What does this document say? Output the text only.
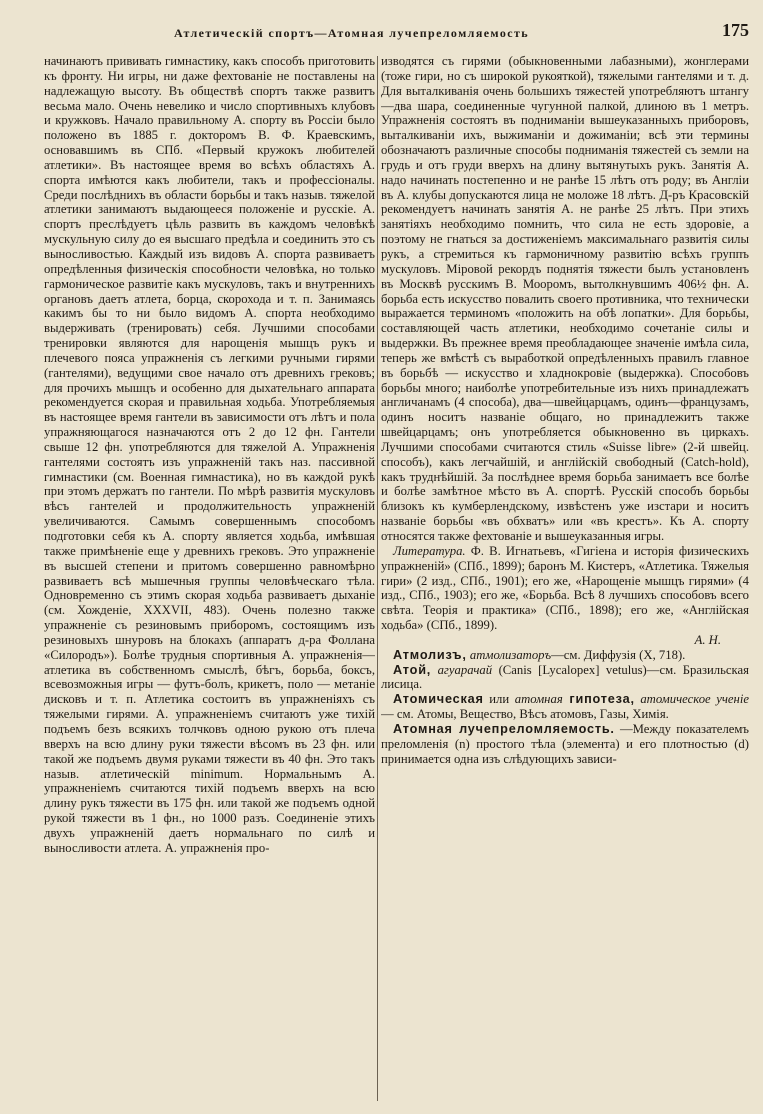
Атлетическій спортъ—Атомная лучепреломляемость	175

начинаютъ прививать гимнастику, какъ способъ приготовить къ фронту. Ни игры, ни даже фехтованіе не поставлены на надлежащую высоту. Въ обществѣ спортъ также развитъ весьма мало. Очень невелико и число спортивныхъ клубовъ и кружковъ. Начало правильному А. спорту въ Россіи было положено въ 1885 г. докторомъ В. Ф. Краевскимъ, основавшимъ въ СПб. «Первый кружокъ любителей атлетики». Въ настоящее время во всѣхъ областяхъ А. спорта имѣются какъ любители, такъ и профессіоналы. Среди послѣднихъ въ области борьбы и такъ назыв. тяжелой атлетики занимаютъ выдающееся положеніе и русскіе. А. спортъ преслѣдуетъ цѣль развить въ каждомъ человѣкѣ мускульную силу до ея высшаго предѣла и соединить это съ выносливостью. Каждый изъ видовъ А. спорта развиваетъ опредѣленныя физическія способности человѣка, но только гармоническое развитіе какъ мускуловъ, такъ и внутреннихъ органовъ даетъ атлета, борца, скорохода и т. п. Занимаясь какимъ бы то ни было видомъ А. спорта необходимо выдерживать (тренировать) себя. Лучшими способами тренировки являются для нарощенія мышцъ рукъ и плечевого пояса упражненія съ легкими ручными гирями (гантелями), ведущими свое начало отъ древнихъ грековъ; для прочихъ мышцъ и особенно для дыхательнаго аппарата рекомендуется скорая и правильная ходьба. Употребляемыя въ настоящее время гантели въ зависимости отъ лѣтъ и пола упражняющагося назначаются отъ 2 до 12 фн. Гантели свыше 12 фн. употребляются для тяжелой А. Упражненія гантелями состоятъ изъ упражненій такъ наз. пассивной гимнастики (см. Военная гимнастика), но въ каждой рукѣ при этомъ держатъ по гантели. По мѣрѣ развитія мускуловъ вѣсъ гантелей и продолжительность упражненій увеличиваются. Самымъ совершеннымъ способомъ подготовки себя къ А. спорту является ходьба, имѣвшая также примѣненіе еще у древнихъ грековъ. Это упражненіе въ высшей степени и притомъ совершенно равномѣрно развиваетъ всѣ мышечныя группы человѣческаго тѣла. Одновременно съ этимъ скорая ходьба развиваетъ дыханіе (см. Хожденіе, XXXVII, 483). Очень полезно также упражненіе съ резиновымъ приборомъ, состоящимъ изъ резиновыхъ шнуровъ на блокахъ (аппаратъ д-ра Фоллана «Силородъ»). Болѣе трудныя спортивныя А. упражненія—атлетика въ собственномъ смыслѣ, бѣгъ, борьба, боксъ, всевозможныя игры — футъ-болъ, крикетъ, поло — метаніе дисковъ и т. п. Атлетика состоитъ въ упражненіяхъ съ тяжелыми гирями. А. упражненіемъ считаютъ уже тихій подъемъ безъ всякихъ толчковъ одною рукою отъ плеча вверхъ на всю длину руки тяжести вѣсомъ въ 23 фн. или такой же подъемъ двумя руками тяжести въ 40 фн. Это такъ назыв. атлетическій minimum. Нормальнымъ А. упражненіемъ считаются тихій подъемъ вверхъ на всю длину рукъ тяжести въ 175 фн. или такой же подъемъ одной рукой тяжести въ 1 фн., но 1000 разъ. Соединеніе этихъ двухъ упражненій даетъ нормальнаго по силѣ и выносливости атлета. А. упражненія про-

изводятся съ гирями (обыкновенными лабазными), жонглерами (тоже гири, но съ широкой рукояткой), тяжелыми гантелями и т. д. Для выталкиванія очень большихъ тяжестей употребляютъ штангу—два шара, соединенные чугунной палкой, длиною въ 1 метръ. Упражненія состоятъ въ подниманіи вышеуказанныхъ приборовъ, выталкиваніи ихъ, выжиманіи и дожиманіи; всѣ эти термины обозначаютъ различные способы подниманія тяжестей съ земли на грудь и отъ груди вверхъ на длину вытянутыхъ рукъ. Занятія А. надо начинать постепенно и не ранѣе 15 лѣтъ отъ роду; въ Англіи въ А. клубы допускаются лица не моложе 18 лѣтъ. Д-ръ Красовскій рекомендуетъ начинать занятія А. не ранѣе 25 лѣтъ. При этихъ занятіяхъ необходимо помнить, что сила не есть здоровіе, а поэтому не гнаться за достиженіемъ максимальнаго развитія силы рукъ, а стремиться къ гармоничному развитію всѣхъ группъ мускуловъ. Міровой рекордъ поднятія тяжести былъ установленъ въ Москвѣ русскимъ В. Мооромъ, вытолкнувшимъ 406½ фн. А. борьба есть искусство повалить своего противника, что технически выражается терминомъ «положить на обѣ лопатки». Для борьбы, составляющей часть атлетики, необходимо сочетаніе силы и выдержки. Въ прежнее время преобладающее значеніе имѣла сила, теперь же вмѣстѣ съ выработкой опредѣленныхъ правилъ главное въ борьбѣ — искусство и хладнокровіе (выдержка). Способовъ борьбы много; наиболѣе употребительные изъ нихъ принадлежатъ англичанамъ (4 способа), два—швейцарцамъ, одинъ—французамъ, одинъ носитъ названіе общаго, но принадлежитъ также швейцарцамъ; онъ употребляется обыкновенно въ циркахъ. Лучшими способами считаются стиль «Suisse libre» (2-й швейц. способъ), какъ легчайшій, и англійскій свободный (Catch-hold), какъ труднѣйшій. За послѣднее время борьба занимаетъ все болѣе и болѣе замѣтное мѣсто въ А. спортѣ. Русскій способъ борьбы близокъ къ кумберлендскому, извѣстенъ уже изстари и носитъ названіе борьбы «въ обхватъ» или «въ крестъ». Къ А. спорту относятся также фехтованіе и вышеуказанныя игры.

Литература. Ф. В. Игнатьевъ, «Гигіена и исторія физическихъ упражненій» (СПб., 1899); баронъ М. Кистеръ, «Атлетика. Тяжелыя гири» (2 изд., СПб., 1901); его же, «Нарощеніе мышцъ гирями» (4 изд., СПб., 1903); его же, «Борьба. Всѣ 8 лучшихъ способовъ всего свѣта. Теорія и практика» (СПб., 1898); его же, «Англійская ходьба» (СПб., 1899).
А. Н.

Атмолизъ, атмолизаторъ—см. Диффузія (X, 718).

Атой, агуарачай (Canis [Lycalopex] vetulus)—см. Бразильская лисица.

Атомическая или атомная гипотеза, атомическое ученіе — см. Атомы, Вещество, Вѣсъ атомовъ, Газы, Химія.

Атомная лучепреломляемость. —Между показателемъ преломленія (n) простого тѣла (элемента) и его плотностью (d) принимается одна изъ слѣдующихъ зависи-
